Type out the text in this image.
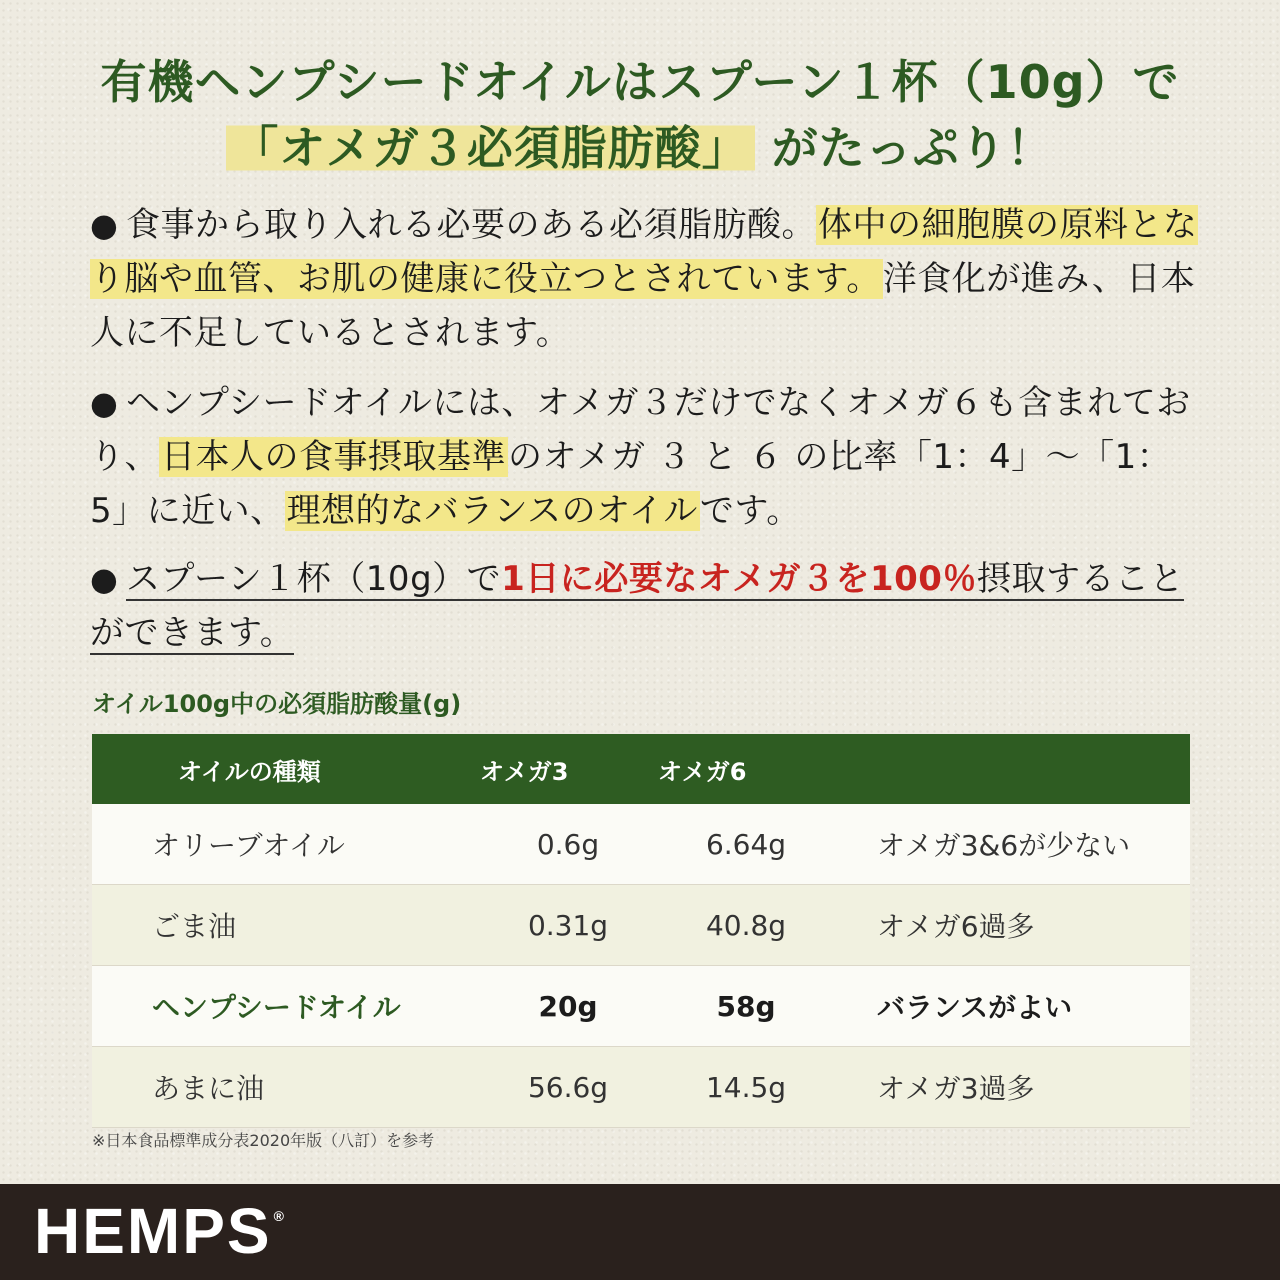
有機ヘンプシードオイルはスプーン１杯（10g）で
「オメガ３必須脂肪酸」 がたっぷり！
● 食事から取り入れる必要のある必須脂肪酸。体中の細胞膜の原料となり脳や血管、お肌の健康に役立つとされています。洋食化が進み、日本人に不足しているとされます。
● ヘンプシードオイルには、オメガ３だけでなくオメガ６も含まれており、日本人の食事摂取基準のオメガ ３ と ６ の比率「1：4」〜「1：5」に近い、理想的なバランスのオイルです。
● スプーン１杯（10g）で1日に必要なオメガ３を100％摂取することができます。
オイル100g中の必須脂肪酸量(g)
オイルの種類	オメガ3	オメガ6	
オリーブオイル	0.6g	6.64g	オメガ3&6が少ない
ごま油	0.31g	40.8g	オメガ6過多
ヘンプシードオイル	20g	58g	バランスがよい
あまに油	56.6g	14.5g	オメガ3過多
※日本食品標準成分表2020年版（八訂）を参考
HEMPS ®
